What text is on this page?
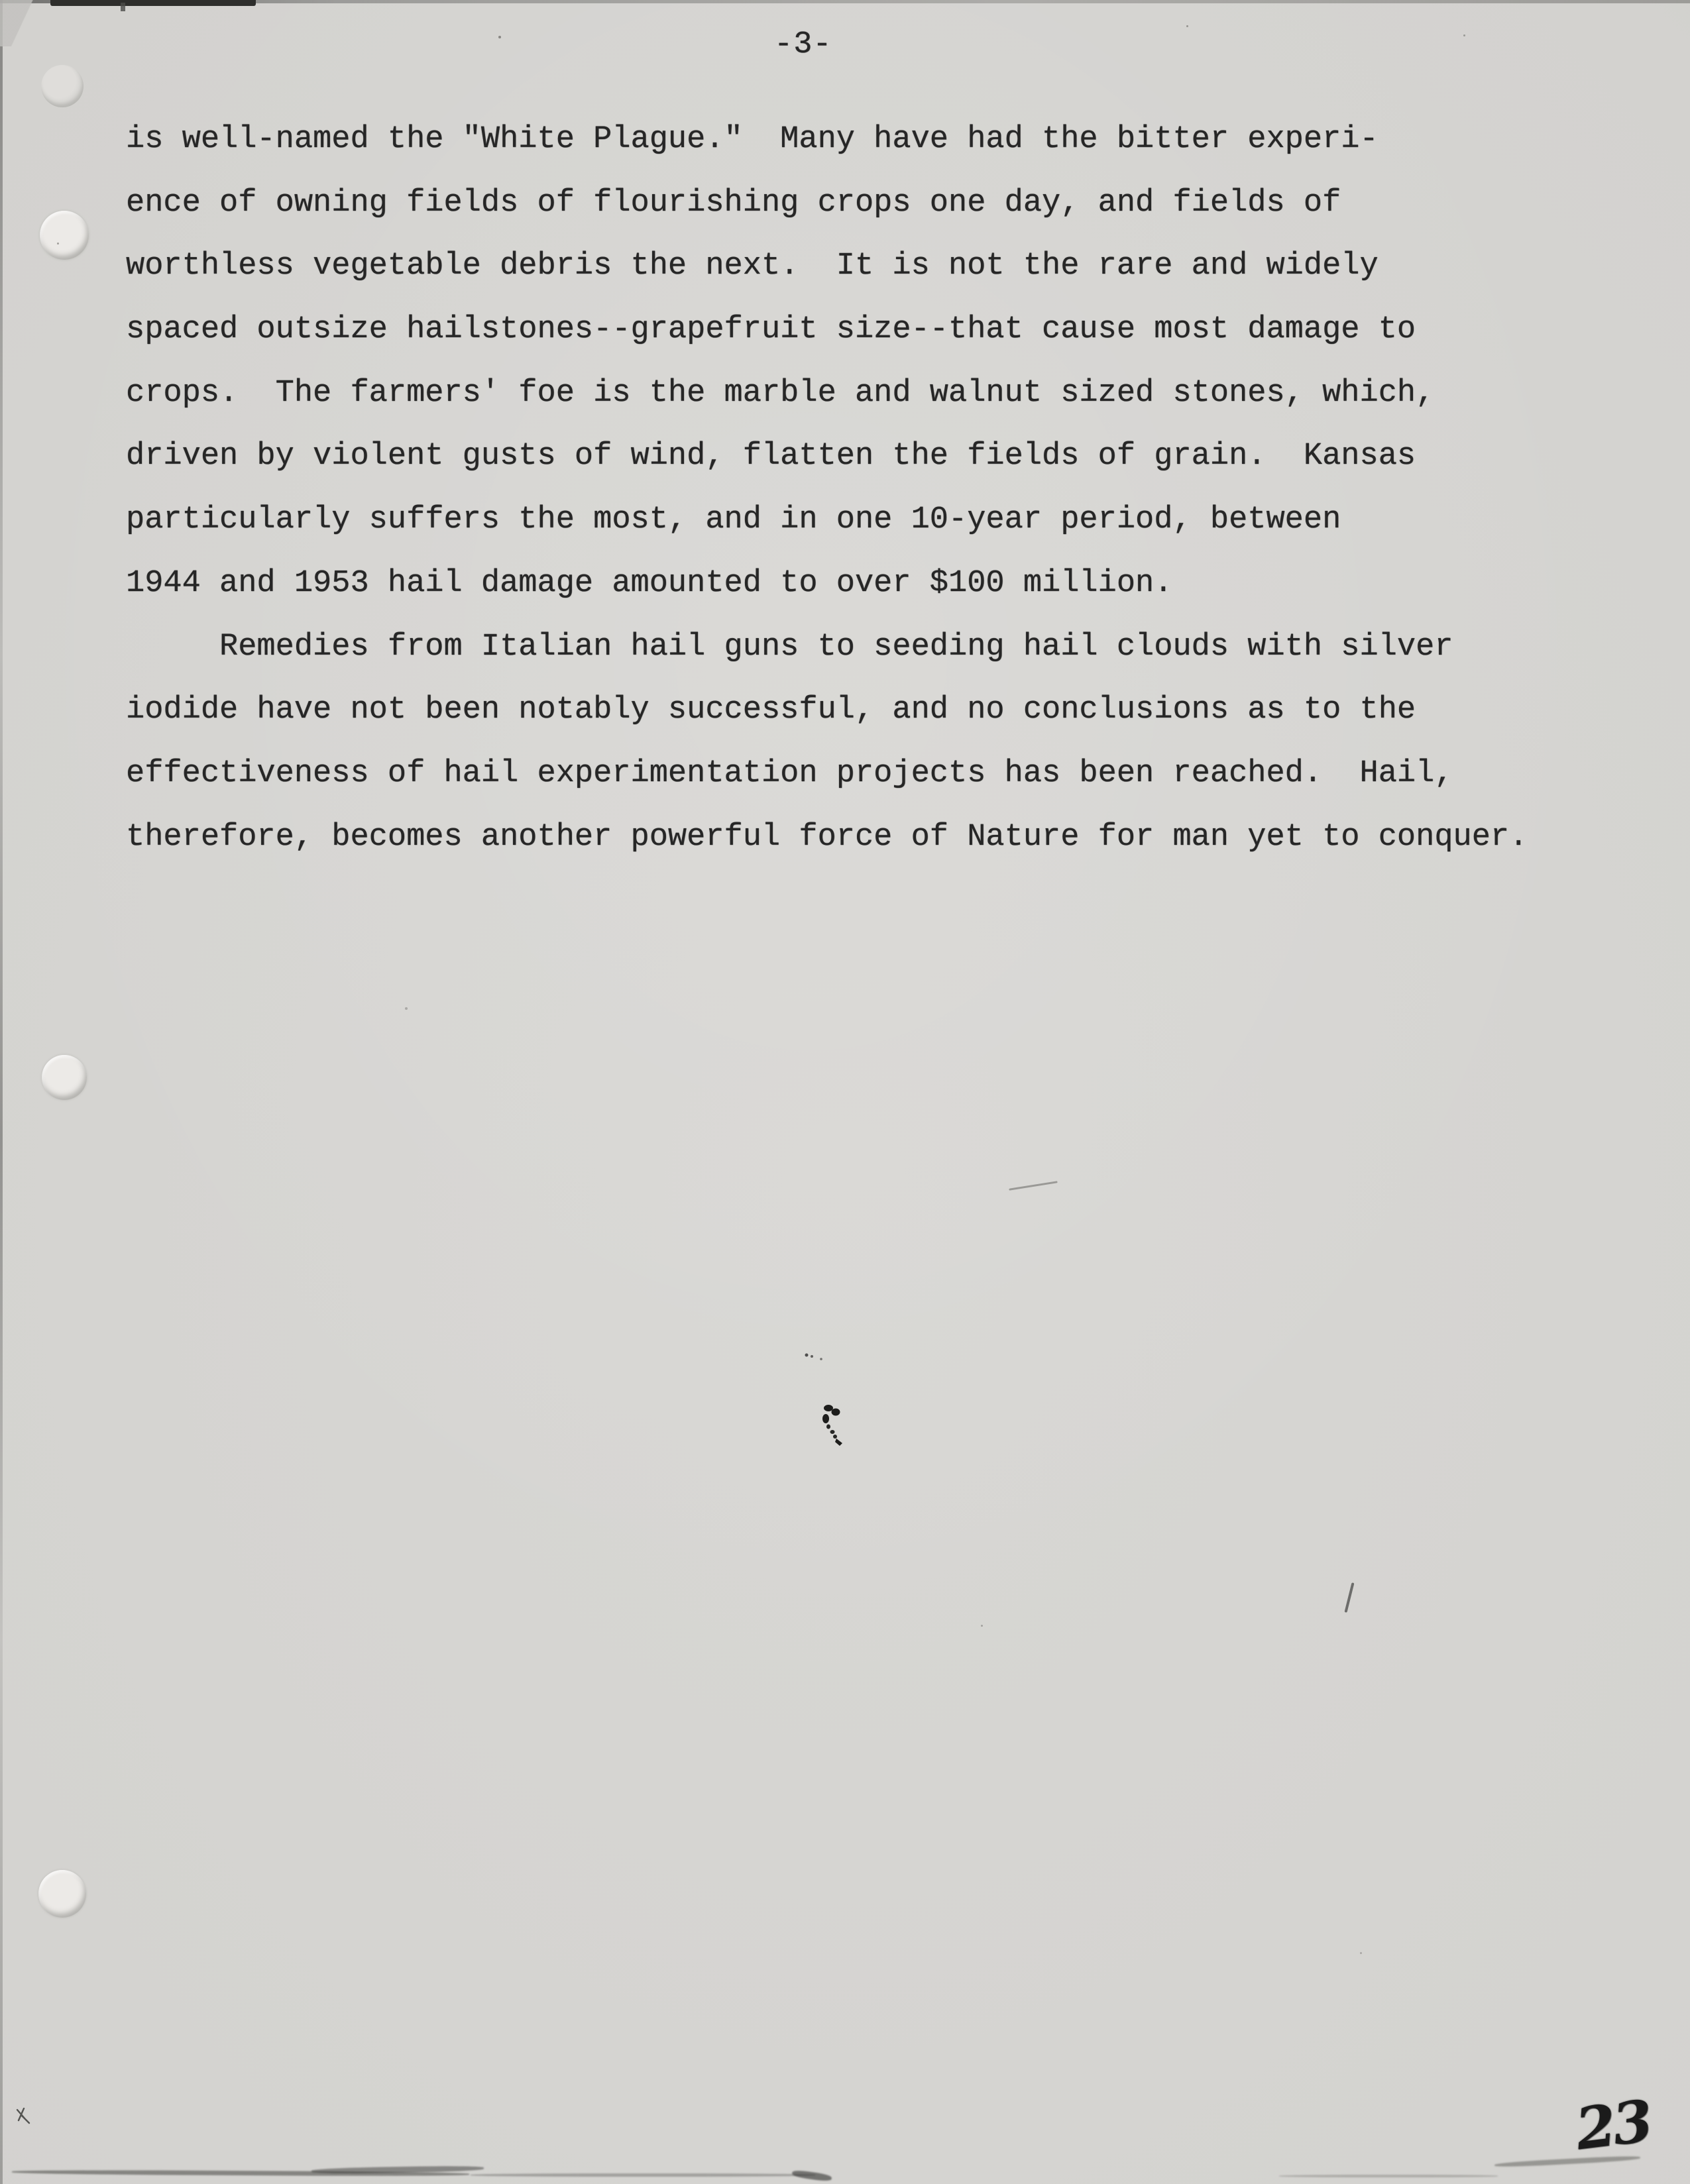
-3-
is well-named the "White Plague."  Many have had the bitter experi-
ence of owning fields of flourishing crops one day, and fields of
worthless vegetable debris the next.  It is not the rare and widely
spaced outsize hailstones--grapefruit size--that cause most damage to
crops.  The farmers' foe is the marble and walnut sized stones, which,
driven by violent gusts of wind, flatten the fields of grain.  Kansas
particularly suffers the most, and in one 10-year period, between
1944 and 1953 hail damage amounted to over $100 million.
Remedies from Italian hail guns to seeding hail clouds with silver
iodide have not been notably successful, and no conclusions as to the
effectiveness of hail experimentation projects has been reached.  Hail,
therefore, becomes another powerful force of Nature for man yet to conquer.
23
